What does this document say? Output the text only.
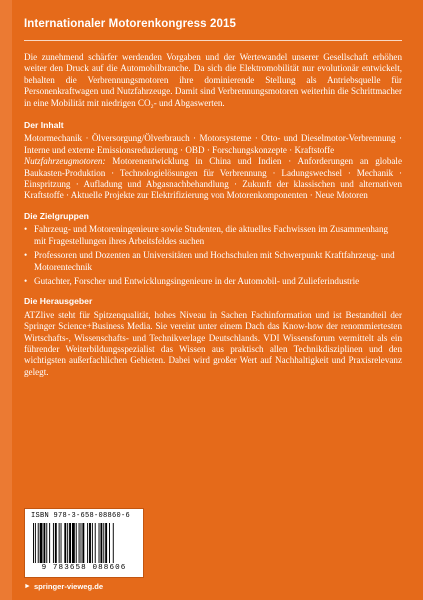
Internationaler Motorenkongress 2015

Die zunehmend schärfer werdenden Vorgaben und der Wertewandel unserer Gesellschaft erhöhen weiter den Druck auf die Automobilbranche. Da sich die Elektromobilität nur evolutionär entwickelt, behalten die Verbrennungsmotoren ihre dominierende Stellung als Antriebsquelle für Personenkraftwagen und Nutzfahrzeuge. Damit sind Verbrennungsmotoren weiterhin die Schrittmacher in eine Mobilität mit niedrigen CO₂- und Abgaswerten.

Der Inhalt

Motormechanik · Ölversorgung/Ölverbrauch · Motorsysteme · Otto- und Dieselmotor-Verbrennung · Interne und externe Emissionsreduzierung · OBD · Forschungskonzepte · Kraftstoffe

Nutzfahrzeugmotoren: Motorenentwicklung in China und Indien · Anforderungen an globale Baukasten-Produktion · Technologielösungen für Verbrennung · Ladungswechsel · Mechanik · Einspritzung · Aufladung und Abgasnachbehandlung · Zukunft der klassischen und alternativen Kraftstoffe · Aktuelle Projekte zur Elektrifizierung von Motorenkomponenten · Neue Motoren

Die Zielgruppen
• Fahrzeug- und Motoreningenieure sowie Studenten, die aktuelles Fachwissen im Zusammenhang mit Fragestellungen ihres Arbeitsfeldes suchen
• Professoren und Dozenten an Universitäten und Hochschulen mit Schwerpunkt Kraftfahrzeug- und Motorentechnik
• Gutachter, Forscher und Entwicklungsingenieure in der Automobil- und Zulieferindustrie
Die Herausgeber

ATZlive steht für Spitzenqualität, hohes Niveau in Sachen Fachinformation und ist Bestandteil der Springer Science+Business Media. Sie vereint unter einem Dach das Know-how der renommiertesten Wirtschafts-, Wissenschafts- und Technikverlage Deutschlands. VDI Wissensforum vermittelt als ein führender Weiterbildungsspezialist das Wissen aus praktisch allen Technikdisziplinen und den wichtigsten außerfachlichen Gebieten. Dabei wird großer Wert auf Nachhaltigkeit und Praxisrelevanz gelegt.

ISBN 978-3-658-08860-6
9 783658 088606
► springer-vieweg.de
